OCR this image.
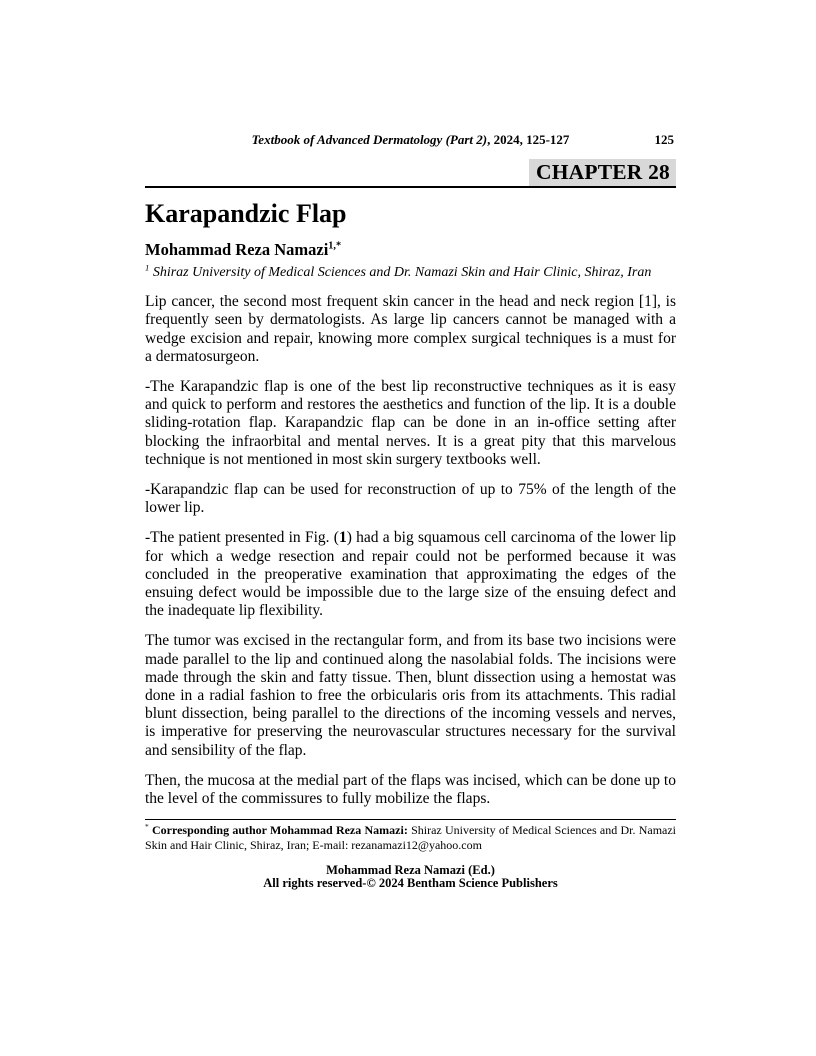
Textbook of Advanced Dermatology (Part 2), 2024, 125-127	125
CHAPTER 28
Karapandzic Flap
Mohammad Reza Namazi$^{1,*}$
$^1$ Shiraz University of Medical Sciences and Dr. Namazi Skin and Hair Clinic, Shiraz, Iran

Lip cancer, the second most frequent skin cancer in the head and neck region [1], is frequently seen by dermatologists. As large lip cancers cannot be managed with a wedge excision and repair, knowing more complex surgical techniques is a must for a dermatosurgeon.

-The Karapandzic flap is one of the best lip reconstructive techniques as it is easy and quick to perform and restores the aesthetics and function of the lip. It is a double sliding-rotation flap. Karapandzic flap can be done in an in-office setting after blocking the infraorbital and mental nerves. It is a great pity that this marvelous technique is not mentioned in most skin surgery textbooks well.

-Karapandzic flap can be used for reconstruction of up to 75% of the length of the lower lip.

-The patient presented in Fig. (1) had a big squamous cell carcinoma of the lower lip for which a wedge resection and repair could not be performed because it was concluded in the preoperative examination that approximating the edges of the ensuing defect would be impossible due to the large size of the ensuing defect and the inadequate lip flexibility.

The tumor was excised in the rectangular form, and from its base two incisions were made parallel to the lip and continued along the nasolabial folds. The incisions were made through the skin and fatty tissue. Then, blunt dissection using a hemostat was done in a radial fashion to free the orbicularis oris from its attachments. This radial blunt dissection, being parallel to the directions of the incoming vessels and nerves, is imperative for preserving the neurovascular structures necessary for the survival and sensibility of the flap.

Then, the mucosa at the medial part of the flaps was incised, which can be done up to the level of the commissures to fully mobilize the flaps.

* Corresponding author Mohammad Reza Namazi: Shiraz University of Medical Sciences and Dr. Namazi Skin and Hair Clinic, Shiraz, Iran; E-mail: rezanamazi12@yahoo.com
Mohammad Reza Namazi (Ed.)
All rights reserved-© 2024 Bentham Science Publishers
